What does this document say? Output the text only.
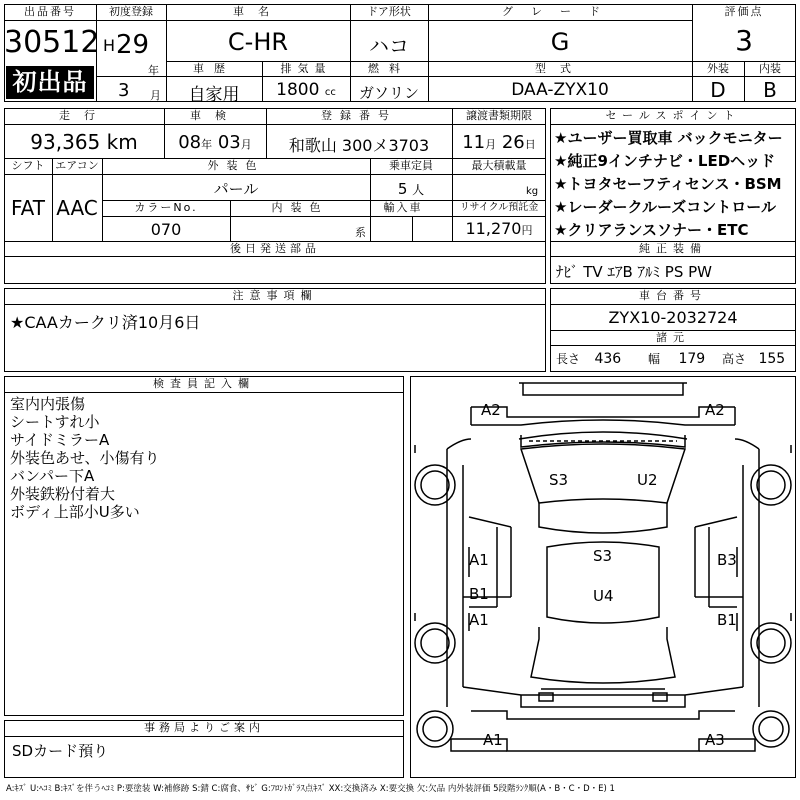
出品番号
30512
初出品
初度登録
H 29
年
3 月
車名
C-HR
ドア形状
ハコ
グレード
G
評価点
3
車歴
自家用
排気量
1800 cc
燃料
ガソリン
型式
DAA-ZYX10
外装	内装
D	B
走行
93,365 km
車検
08年 03月
登録番号
和歌山 300メ3703
譲渡書類期限
11月 26日
シフト エアコン
FAT AAC
外装色
パール
乗車定員
5 人
最大積載量
kg
カラーNo.
070
内装色
系
輸入車	リサイクル預託金
11,270円
後日発送部品
セールスポイント
★ユーザー買取車 バックモニター
★純正9インチナビ・LEDヘッド
★トヨタセーフティセンス・BSM
★レーダークルーズコントロール
★クリアランスソナー・ETC
純正装備
ﾅﾋﾞ TV ｴｱB ｱﾙﾐ PS PW
注意事項欄
★CAAカークリ済10月6日
車台番号
ZYX10-2032724
諸元
長さ 436 幅 179 高さ 155
検査員記入欄
室内内張傷
シートすれ小
サイドミラーA
外装色あせ、小傷有り
バンパー下A
外装鉄粉付着大
ボディ上部小U多い
事務局よりご案内
SDカード預り
A2	A2
S3	U2
A1	B3
S3
B1	U4
A1	B1
A1	A3
A:ｷｽﾞ U:ﾍｺﾐ B:ｷｽﾞを伴うﾍｺﾐ P:要塗装 W:補修跡 S:錆 C:腐食、ｻﾋﾞ G:ﾌﾛﾝﾄｶﾞﾗｽ点ｷｽﾞ XX:交換済み X:要交換 欠:欠品 内外装評価 5段階ﾗﾝｸ順(A・B・C・D・E) 1
